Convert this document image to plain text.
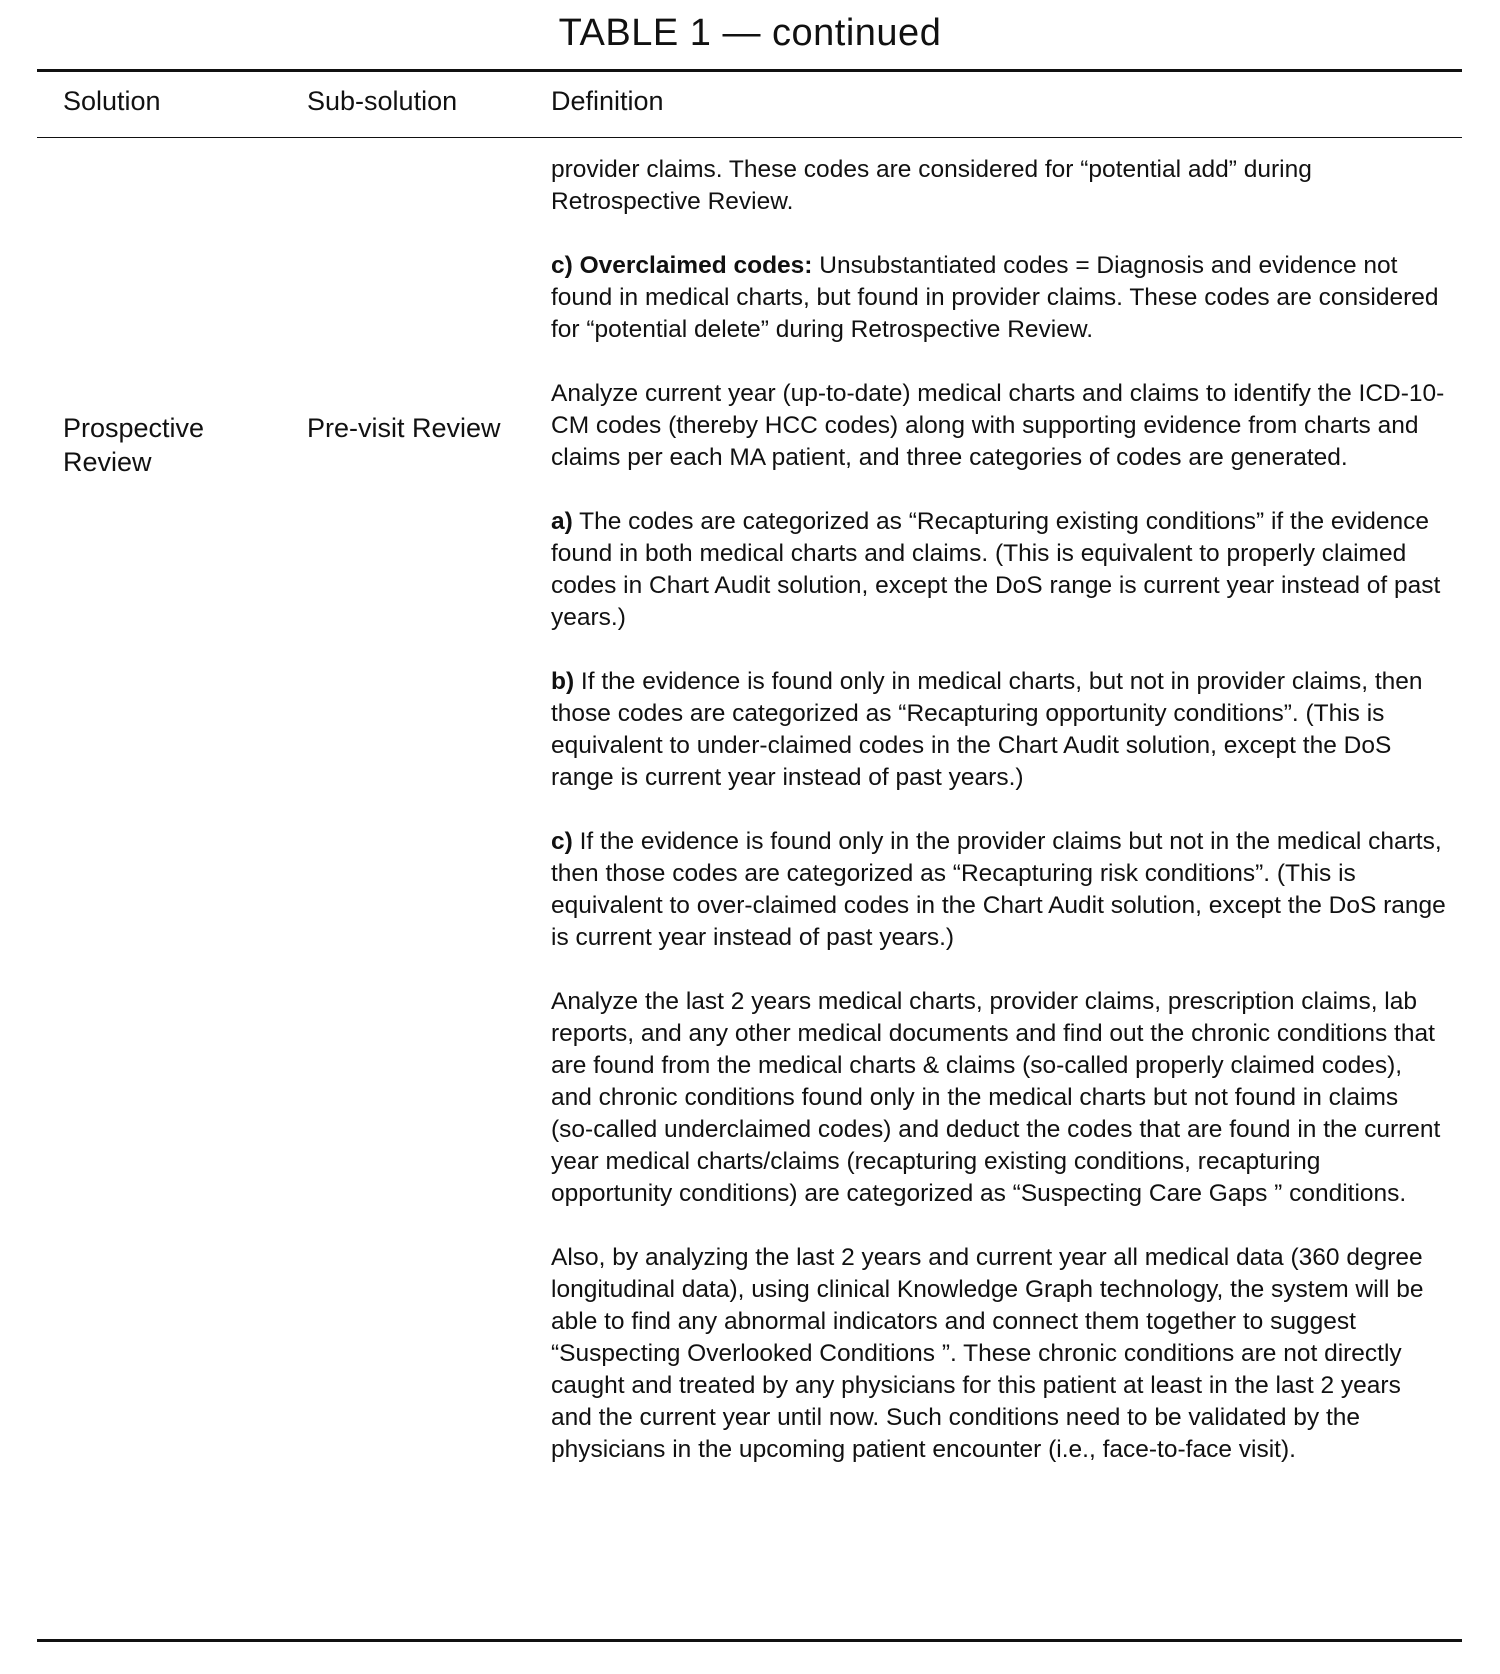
TABLE 1 — continued
Solution	Sub-solution	Definition
Prospective Review
Pre-visit Review

provider claims. These codes are considered for “potential add” during Retrospective Review.

c) Overclaimed codes: Unsubstantiated codes = Diagnosis and evidence not found in medical charts, but found in provider claims. These codes are considered for “potential delete” during Retrospective Review.

Analyze current year (up-to-date) medical charts and claims to identify the ICD-10-CM codes (thereby HCC codes) along with supporting evidence from charts and claims per each MA patient, and three categories of codes are generated.

a) The codes are categorized as “Recapturing existing conditions” if the evidence found in both medical charts and claims. (This is equivalent to properly claimed codes in Chart Audit solution, except the DoS range is current year instead of past years.)

b) If the evidence is found only in medical charts, but not in provider claims, then those codes are categorized as “Recapturing opportunity conditions”. (This is equivalent to under-claimed codes in the Chart Audit solution, except the DoS range is current year instead of past years.)

c) If the evidence is found only in the provider claims but not in the medical charts, then those codes are categorized as “Recapturing risk conditions”. (This is equivalent to over-claimed codes in the Chart Audit solution, except the DoS range is current year instead of past years.)

Analyze the last 2 years medical charts, provider claims, prescription claims, lab reports, and any other medical documents and find out the chronic conditions that are found from the medical charts & claims (so-called properly claimed codes), and chronic conditions found only in the medical charts but not found in claims (so-called underclaimed codes) and deduct the codes that are found in the current year medical charts/claims (recapturing existing conditions, recapturing opportunity conditions) are categorized as “Suspecting Care Gaps ” conditions.

Also, by analyzing the last 2 years and current year all medical data (360 degree longitudinal data), using clinical Knowledge Graph technology, the system will be able to find any abnormal indicators and connect them together to suggest “Suspecting Overlooked Conditions ”. These chronic conditions are not directly caught and treated by any physicians for this patient at least in the last 2 years and the current year until now. Such conditions need to be validated by the physicians in the upcoming patient encounter (i.e., face-to-face visit).
